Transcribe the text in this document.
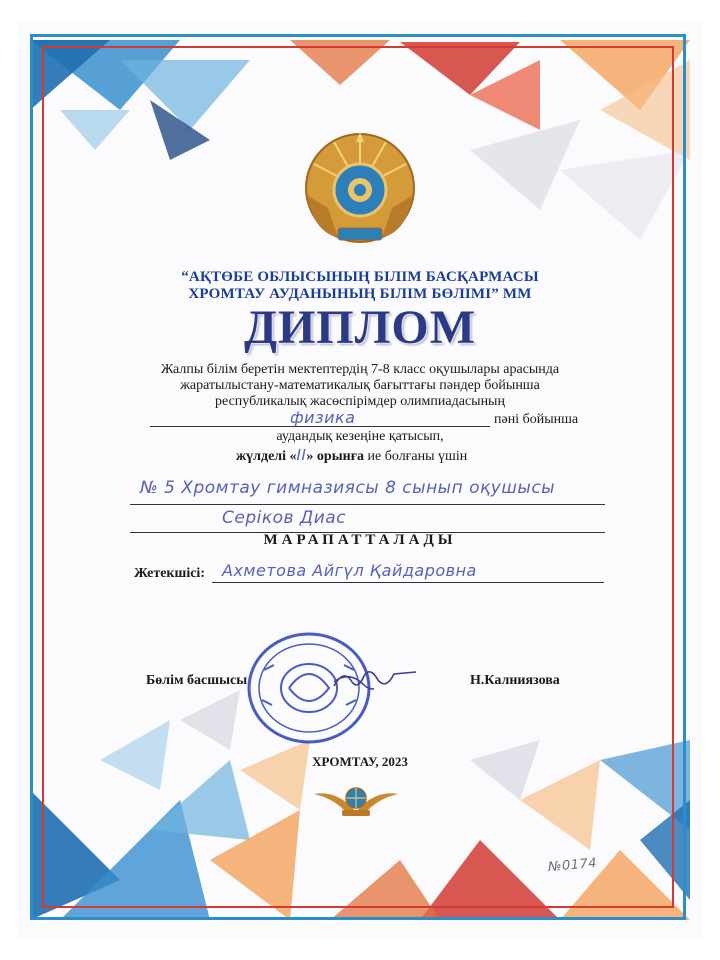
“АҚТӨБЕ ОБЛЫСЫНЫҢ БІЛІМ БАСҚАРМАСЫ
ХРОМТАУ АУДАНЫНЫҢ БІЛІМ БӨЛІМІ” ММ
ДИПЛОМ
Жалпы білім беретін мектептердің 7-8 класс оқушылары арасында
жаратылыстану-математикалық бағыттағы пәндер бойынша
республикалық жасөспірімдер олимпиадасының
физика	пәні бойынша
аудандық кезеңіне қатысып,
жүлделі «II» орынға ие болғаны үшін
№ 5 Хромтау гимназиясы 8 сынып оқушысы
Серіков Диас
МАРАПАТТАЛАДЫ
Жетекшісі: Ахметова Айгүл Қайдаровна
Бөлім басшысы	Н.Калниязова
ХРОМТАУ, 2023
№0174
